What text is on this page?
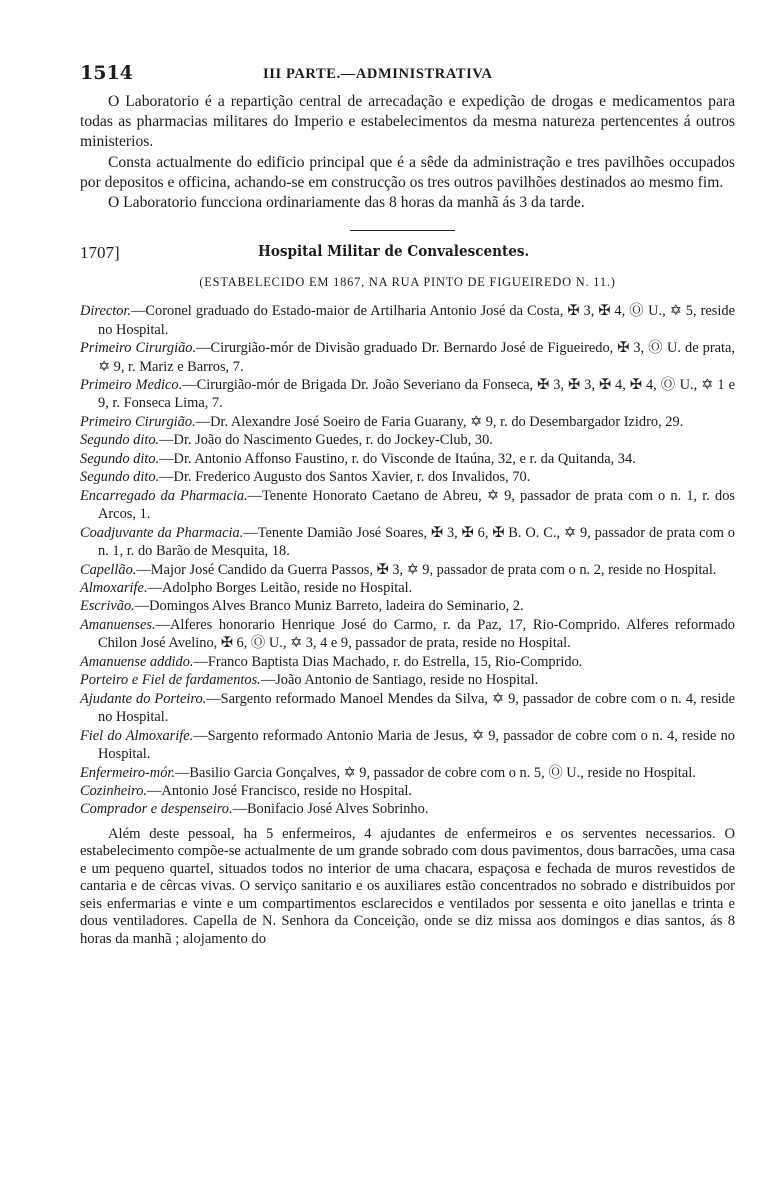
1514	III PARTE.—ADMINISTRATIVA

O Laboratorio é a repartição central de arrecadação e expedição de drogas e medicamentos para todas as pharmacias militares do Imperio e estabelecimentos da mesma natureza pertencentes á outros ministerios.

Consta actualmente do edificio principal que é a sêde da administração e tres pavilhões occupados por depositos e officina, achando-se em construcção os tres outros pavilhões destinados ao mesmo fim.

O Laboratorio funcciona ordinariamente das 8 horas da manhã ás 3 da tarde.

1707]	Hospital Militar de Convalescentes.
(ESTABELECIDO EM 1867, NA RUA PINTO DE FIGUEIREDO N. 11.)

Director.—Coronel graduado do Estado-maior de Artilharia Antonio José da Costa, ✠ 3, ✠ 4, Ⓞ U., ✡ 5, reside no Hospital.

Primeiro Cirurgião.—Cirurgião-mór de Divisão graduado Dr. Bernardo José de Figueiredo, ✠ 3, Ⓞ U. de prata, ✡ 9, r. Mariz e Barros, 7.

Primeiro Medico.—Cirurgião-mór de Brigada Dr. João Severiano da Fonseca, ✠ 3, ✠ 3, ✠ 4, ✠ 4, Ⓞ U., ✡ 1 e 9, r. Fonseca Lima, 7.

Primeiro Cirurgião.—Dr. Alexandre José Soeiro de Faria Guarany, ✡ 9, r. do Desembargador Izidro, 29.

Segundo dito.—Dr. João do Nascimento Guedes, r. do Jockey-Club, 30.

Segundo dito.—Dr. Antonio Affonso Faustino, r. do Visconde de Itaúna, 32, e r. da Quitanda, 34.

Segundo dito.—Dr. Frederico Augusto dos Santos Xavier, r. dos Invalidos, 70.

Encarregado da Pharmacia.—Tenente Honorato Caetano de Abreu, ✡ 9, passador de prata com o n. 1, r. dos Arcos, 1.

Coadjuvante da Pharmacia.—Tenente Damião José Soares, ✠ 3, ✠ 6, ✠ B. O. C., ✡ 9, passador de prata com o n. 1, r. do Barão de Mesquita, 18.

Capellão.—Major José Candido da Guerra Passos, ✠ 3, ✡ 9, passador de prata com o n. 2, reside no Hospital.

Almoxarife.—Adolpho Borges Leitão, reside no Hospital.

Escrivão.—Domingos Alves Branco Muniz Barreto, ladeira do Seminario, 2.

Amanuenses.—Alferes honorario Henrique José do Carmo, r. da Paz, 17, Rio-Comprido. Alferes reformado Chilon José Avelino, ✠ 6, Ⓞ U., ✡ 3, 4 e 9, passador de prata, reside no Hospital.

Amanuense addido.—Franco Baptista Dias Machado, r. do Estrella, 15, Rio-Comprido.

Porteiro e Fiel de fardamentos.—João Antonio de Santiago, reside no Hospital.

Ajudante do Porteiro.—Sargento reformado Manoel Mendes da Silva, ✡ 9, passador de cobre com o n. 4, reside no Hospital.

Fiel do Almoxarife.—Sargento reformado Antonio Maria de Jesus, ✡ 9, passador de cobre com o n. 4, reside no Hospital.

Enfermeiro-mór.—Basilio Garcia Gonçalves, ✡ 9, passador de cobre com o n. 5, Ⓞ U., reside no Hospital.

Cozinheiro.—Antonio José Francisco, reside no Hospital.

Comprador e despenseiro.—Bonifacio José Alves Sobrinho.

Além deste pessoal, ha 5 enfermeiros, 4 ajudantes de enfermeiros e os serventes necessarios. O estabelecimento compõe-se actualmente de um grande sobrado com dous pavimentos, dous barracões, uma casa e um pequeno quartel, situados todos no interior de uma chacara, espaçosa e fechada de muros revestidos de cantaria e de cêrcas vivas. O serviço sanitario e os auxiliares estão concentrados no sobrado e distribuidos por seis enfermarias e vinte e um compartimentos esclarecidos e ventilados por sessenta e oito janellas e trinta e dous ventiladores. Capella de N. Senhora da Conceição, onde se diz missa aos domingos e dias santos, ás 8 horas da manhã ; alojamento do
